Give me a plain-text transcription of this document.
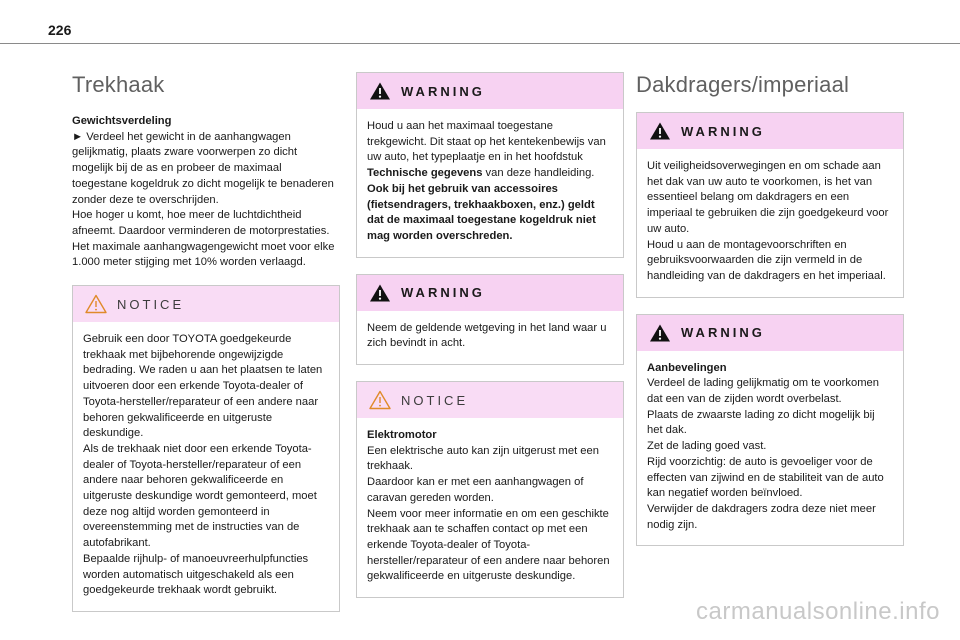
226
Trekhaak

Gewichtsverdeling

► Verdeel het gewicht in de aanhangwagen gelijkmatig, plaats zware voorwerpen zo dicht mogelijk bij de as en probeer de maximaal toegestane kogeldruk zo dicht mogelijk te benaderen zonder deze te overschrijden.

Hoe hoger u komt, hoe meer de luchtdichtheid afneemt. Daardoor verminderen de motorprestaties. Het maximale aanhangwagengewicht moet voor elke 1.000 meter stijging met 10% worden verlaagd.

NOTICE

Gebruik een door TOYOTA goedgekeurde trekhaak met bijbehorende ongewijzigde bedrading. We raden u aan het plaatsen te laten uitvoeren door een erkende Toyota-dealer of Toyota-hersteller/reparateur of een andere naar behoren gekwalificeerde en uitgeruste deskundige.

Als de trekhaak niet door een erkende Toyota-dealer of Toyota-hersteller/reparateur of een andere naar behoren gekwalificeerde en uitgeruste deskundige wordt gemonteerd, moet deze nog altijd worden gemonteerd in overeenstemming met de instructies van de autofabrikant.

Bepaalde rijhulp- of manoeuvreerhulpfuncties worden automatisch uitgeschakeld als een goedgekeurde trekhaak wordt gebruikt.

WARNING

Houd u aan het maximaal toegestane trekgewicht. Dit staat op het kentekenbewijs van uw auto, het typeplaatje en in het hoofdstuk Technische gegevens van deze handleiding.

Ook bij het gebruik van accessoires (fietsendragers, trekhaakboxen, enz.) geldt dat de maximaal toegestane kogeldruk niet mag worden overschreden.

WARNING

Neem de geldende wetgeving in het land waar u zich bevindt in acht.

NOTICE

Elektromotor

Een elektrische auto kan zijn uitgerust met een trekhaak.

Daardoor kan er met een aanhangwagen of caravan gereden worden.

Neem voor meer informatie en om een geschikte trekhaak aan te schaffen contact op met een erkende Toyota-dealer of Toyota-hersteller/reparateur of een andere naar behoren gekwalificeerde en uitgeruste deskundige.

Dakdragers/imperiaal
WARNING

Uit veiligheidsoverwegingen en om schade aan het dak van uw auto te voorkomen, is het van essentieel belang om dakdragers en een imperiaal te gebruiken die zijn goedgekeurd voor uw auto.

Houd u aan de montagevoorschriften en gebruiksvoorwaarden die zijn vermeld in de handleiding van de dakdragers en het imperiaal.

WARNING

Aanbevelingen

Verdeel de lading gelijkmatig om te voorkomen dat een van de zijden wordt overbelast.

Plaats de zwaarste lading zo dicht mogelijk bij het dak.

Zet de lading goed vast.

Rijd voorzichtig: de auto is gevoeliger voor de effecten van zijwind en de stabiliteit van de auto kan negatief worden beïnvloed.

Verwijder de dakdragers zodra deze niet meer nodig zijn.

carmanualsonline.info
